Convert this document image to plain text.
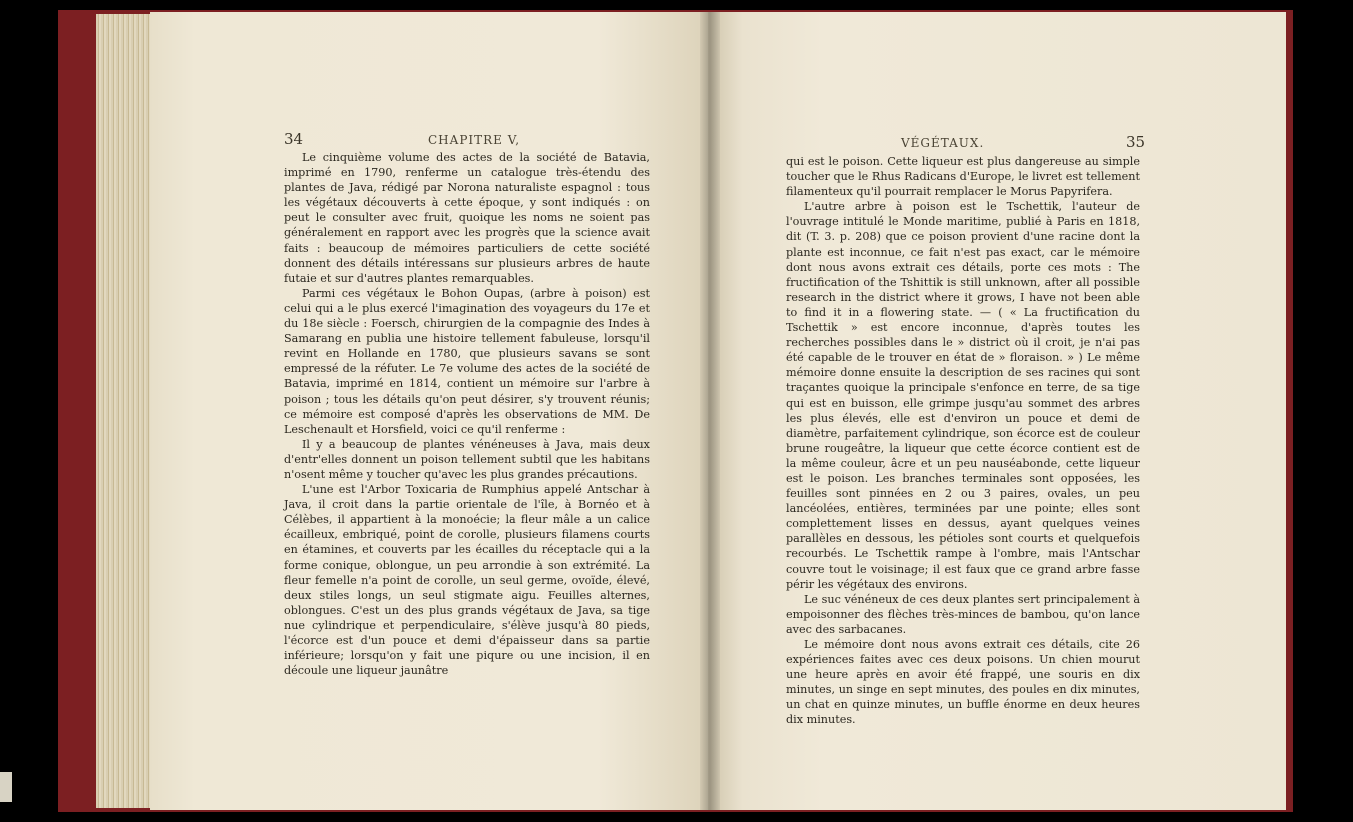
34	CHAPITRE V,

Le cinquième volume des actes de la société de Batavia, imprimé en 1790, renferme un catalogue très-étendu des plantes de Java, rédigé par Norona naturaliste espagnol : tous les végétaux découverts à cette époque, y sont indiqués : on peut le consulter avec fruit, quoique les noms ne soient pas généralement en rapport avec les progrès que la science avait faits : beaucoup de mémoires particuliers de cette société donnent des détails intéressans sur plusieurs arbres de haute futaie et sur d'autres plantes remarquables.

Parmi ces végétaux le Bohon Oupas, (arbre à poison) est celui qui a le plus exercé l'imagination des voyageurs du 17e et du 18e siècle : Foersch, chirurgien de la compagnie des Indes à Samarang en publia une histoire tellement fabuleuse, lorsqu'il revint en Hollande en 1780, que plusieurs savans se sont empressé de la réfuter. Le 7e volume des actes de la société de Batavia, imprimé en 1814, contient un mémoire sur l'arbre à poison ; tous les détails qu'on peut désirer, s'y trouvent réunis; ce mémoire est composé d'après les observations de MM. De Leschenault et Horsfield, voici ce qu'il renferme :

Il y a beaucoup de plantes vénéneuses à Java, mais deux d'entr'elles donnent un poison tellement subtil que les habitans n'osent même y toucher qu'avec les plus grandes précautions.

L'une est l'Arbor Toxicaria de Rumphius appelé Antschar à Java, il croit dans la partie orientale de l'île, à Bornéo et à Célèbes, il appartient à la monoécie; la fleur mâle a un calice écailleux, embriqué, point de corolle, plusieurs filamens courts en étamines, et couverts par les écailles du réceptacle qui a la forme conique, oblongue, un peu arrondie à son extrémité. La fleur femelle n'a point de corolle, un seul germe, ovoïde, élevé, deux stiles longs, un seul stigmate aigu. Feuilles alternes, oblongues. C'est un des plus grands végétaux de Java, sa tige nue cylindrique et perpendiculaire, s'élève jusqu'à 80 pieds, l'écorce est d'un pouce et demi d'épaisseur dans sa partie inférieure; lorsqu'on y fait une piqure ou une incision, il en découle une liqueur jaunâtre

VÉGÉTAUX.	35

qui est le poison. Cette liqueur est plus dangereuse au simple toucher que le Rhus Radicans d'Europe, le livret est tellement filamenteux qu'il pourrait remplacer le Morus Papyrifera.

L'autre arbre à poison est le Tschettik, l'auteur de l'ouvrage intitulé le Monde maritime, publié à Paris en 1818, dit (T. 3. p. 208) que ce poison provient d'une racine dont la plante est inconnue, ce fait n'est pas exact, car le mémoire dont nous avons extrait ces détails, porte ces mots : The fructification of the Tshittik is still unknown, after all possible research in the district where it grows, I have not been able to find it in a flowering state. — ( « La fructification du Tschettik » est encore inconnue, d'après toutes les recherches possibles dans le » district où il croit, je n'ai pas été capable de le trouver en état de » floraison. » ) Le même mémoire donne ensuite la description de ses racines qui sont traçantes quoique la principale s'enfonce en terre, de sa tige qui est en buisson, elle grimpe jusqu'au sommet des arbres les plus élevés, elle est d'environ un pouce et demi de diamètre, parfaitement cylindrique, son écorce est de couleur brune rougeâtre, la liqueur que cette écorce contient est de la même couleur, âcre et un peu nauséabonde, cette liqueur est le poison. Les branches terminales sont opposées, les feuilles sont pinnées en 2 ou 3 paires, ovales, un peu lancéolées, entières, terminées par une pointe; elles sont complettement lisses en dessus, ayant quelques veines parallèles en dessous, les pétioles sont courts et quelquefois recourbés. Le Tschettik rampe à l'ombre, mais l'Antschar couvre tout le voisinage; il est faux que ce grand arbre fasse périr les végétaux des environs.

Le suc vénéneux de ces deux plantes sert principalement à empoisonner des flèches très-minces de bambou, qu'on lance avec des sarbacanes.

Le mémoire dont nous avons extrait ces détails, cite 26 expériences faites avec ces deux poisons. Un chien mourut une heure après en avoir été frappé, une souris en dix minutes, un singe en sept minutes, des poules en dix minutes, un chat en quinze minutes, un buffle énorme en deux heures dix minutes.
